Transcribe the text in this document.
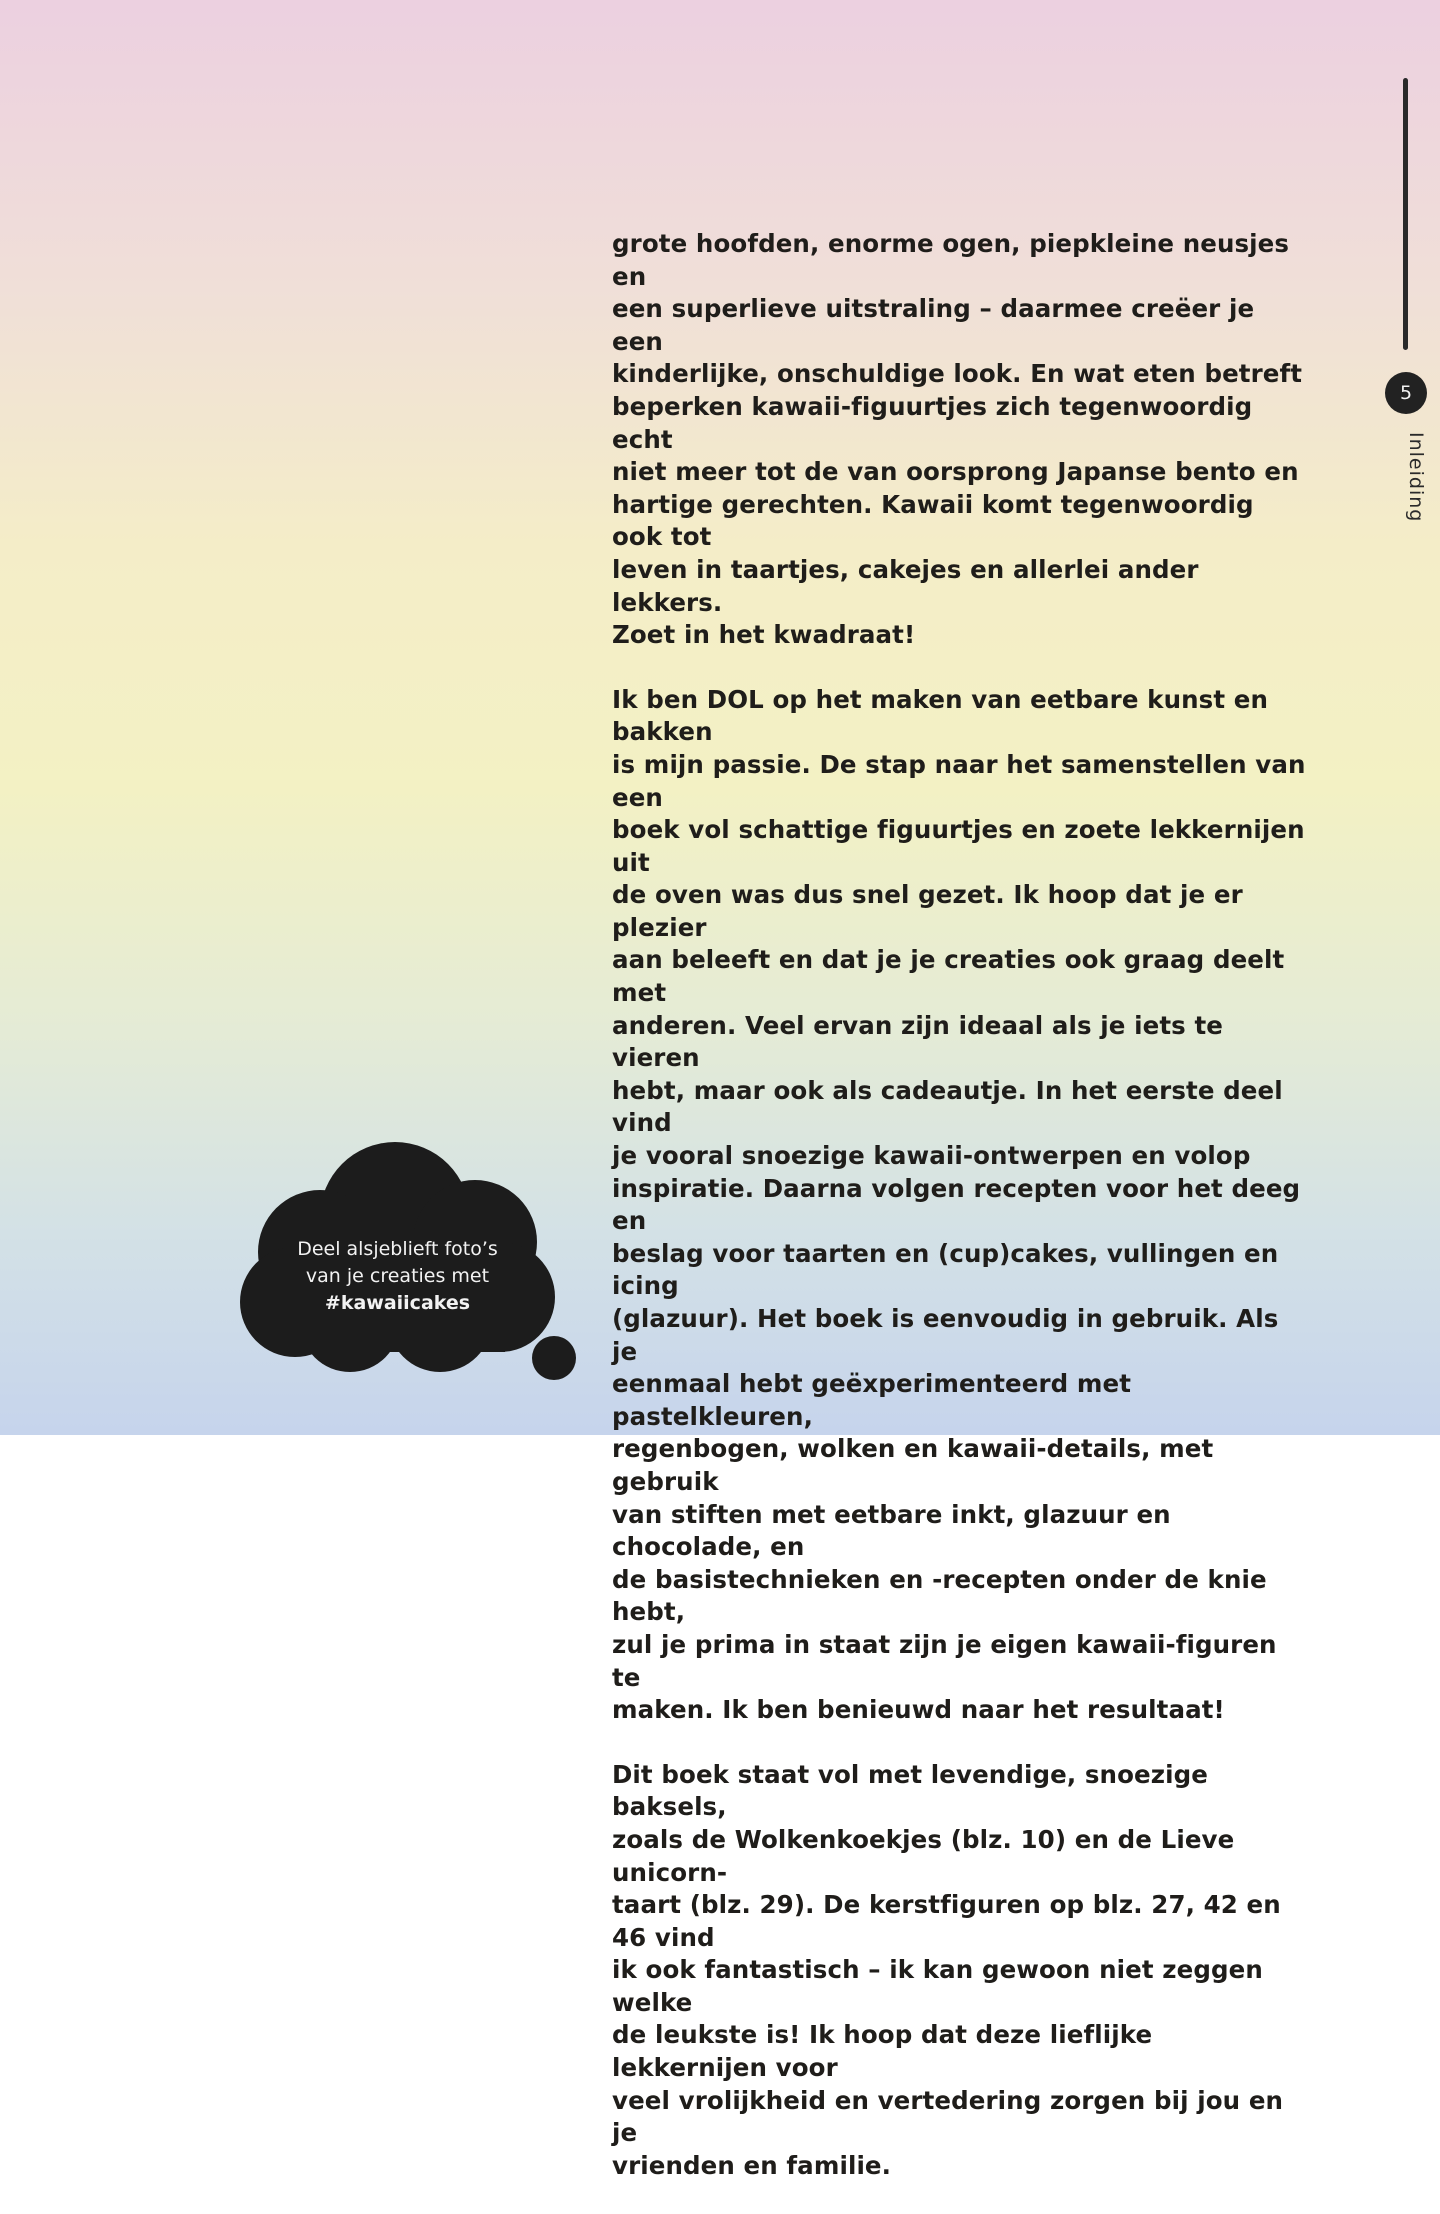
5
Inleiding

grote hoofden, enorme ogen, piepkleine neusjes en
een superlieve uitstraling – daarmee creëer je een
kinderlijke, onschuldige look. En wat eten betreft
beperken kawaii-figuurtjes zich tegenwoordig echt
niet meer tot de van oorsprong Japanse bento en
hartige gerechten. Kawaii komt tegenwoordig ook tot
leven in taartjes, cakejes en allerlei ander lekkers.
Zoet in het kwadraat!

Ik ben DOL op het maken van eetbare kunst en bakken
is mijn passie. De stap naar het samenstellen van een
boek vol schattige figuurtjes en zoete lekkernijen uit
de oven was dus snel gezet. Ik hoop dat je er plezier
aan beleeft en dat je je creaties ook graag deelt met
anderen. Veel ervan zijn ideaal als je iets te vieren
hebt, maar ook als cadeautje. In het eerste deel vind
je vooral snoezige kawaii-ontwerpen en volop
inspiratie. Daarna volgen recepten voor het deeg en
beslag voor taarten en (cup)cakes, vullingen en icing
(glazuur). Het boek is eenvoudig in gebruik. Als je
eenmaal hebt geëxperimenteerd met pastelkleuren,
regenbogen, wolken en kawaii-details, met gebruik
van stiften met eetbare inkt, glazuur en chocolade, en
de basistechnieken en -recepten onder de knie hebt,
zul je prima in staat zijn je eigen kawaii-figuren te
maken. Ik ben benieuwd naar het resultaat!

Dit boek staat vol met levendige, snoezige baksels,
zoals de Wolkenkoekjes (blz. 10) en de Lieve unicorn-
taart (blz. 29). De kerstfiguren op blz. 27, 42 en 46 vind
ik ook fantastisch – ik kan gewoon niet zeggen welke
de leukste is! Ik hoop dat deze lieflijke lekkernijen voor
veel vrolijkheid en vertedering zorgen bij jou en je
vrienden en familie.

Deel alsjeblieft foto’s
van je creaties met
#kawaiicakes
